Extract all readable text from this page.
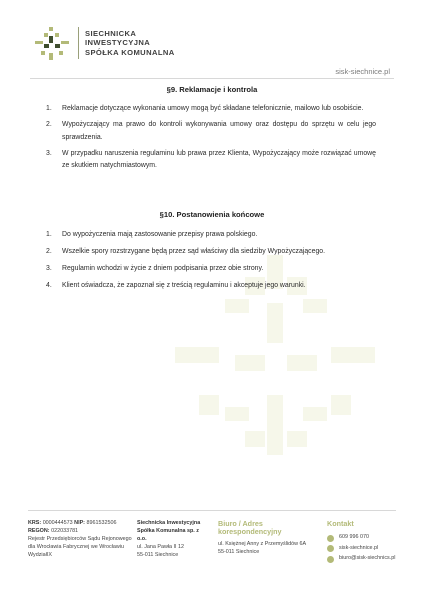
SIECHNICKA
INWESTYCYJNA
SPÓŁKA KOMUNALNA
sisk-siechnice.pl
§9. Reklamacje i kontrola
1. Reklamacje dotyczące wykonania umowy mogą być składane telefonicznie, mailowo lub osobiście.
2. Wypożyczający ma prawo do kontroli wykonywania umowy oraz dostępu do sprzętu w celu jego sprawdzenia.
3. W przypadku naruszenia regulaminu lub prawa przez Klienta, Wypożyczający może rozwiązać umowę ze skutkiem natychmiastowym.
§10. Postanowienia końcowe
1. Do wypożyczenia mają zastosowanie przepisy prawa polskiego.
2. Wszelkie spory rozstrzygane będą przez sąd właściwy dla siedziby Wypożyczającego.
3. Regulamin wchodzi w życie z dniem podpisania przez obie strony.
4. Klient oświadcza, że zapoznał się z treścią regulaminu i akceptuje jego warunki.
KRS: 0000444573 NIP: 8961532506
REGON: 022033781
Rejestr Przedsiębiorców Sądu Rejonowego
dla Wrocławia Fabrycznej we Wrocławiu
WydziałIX
Siechnicka Inwestycyjna
Spółka Komunalna sp. z o.o.
ul. Jana Pawła II 12
55-011 Siechnice
Biuro / Adres korespondencyjny
ul. Księżnej Anny z Przemyślidów 6A
55-011 Siechnice
Kontakt
609 996 070
sisk-siechnice.pl
biuro@sisk-siechnics.pl
